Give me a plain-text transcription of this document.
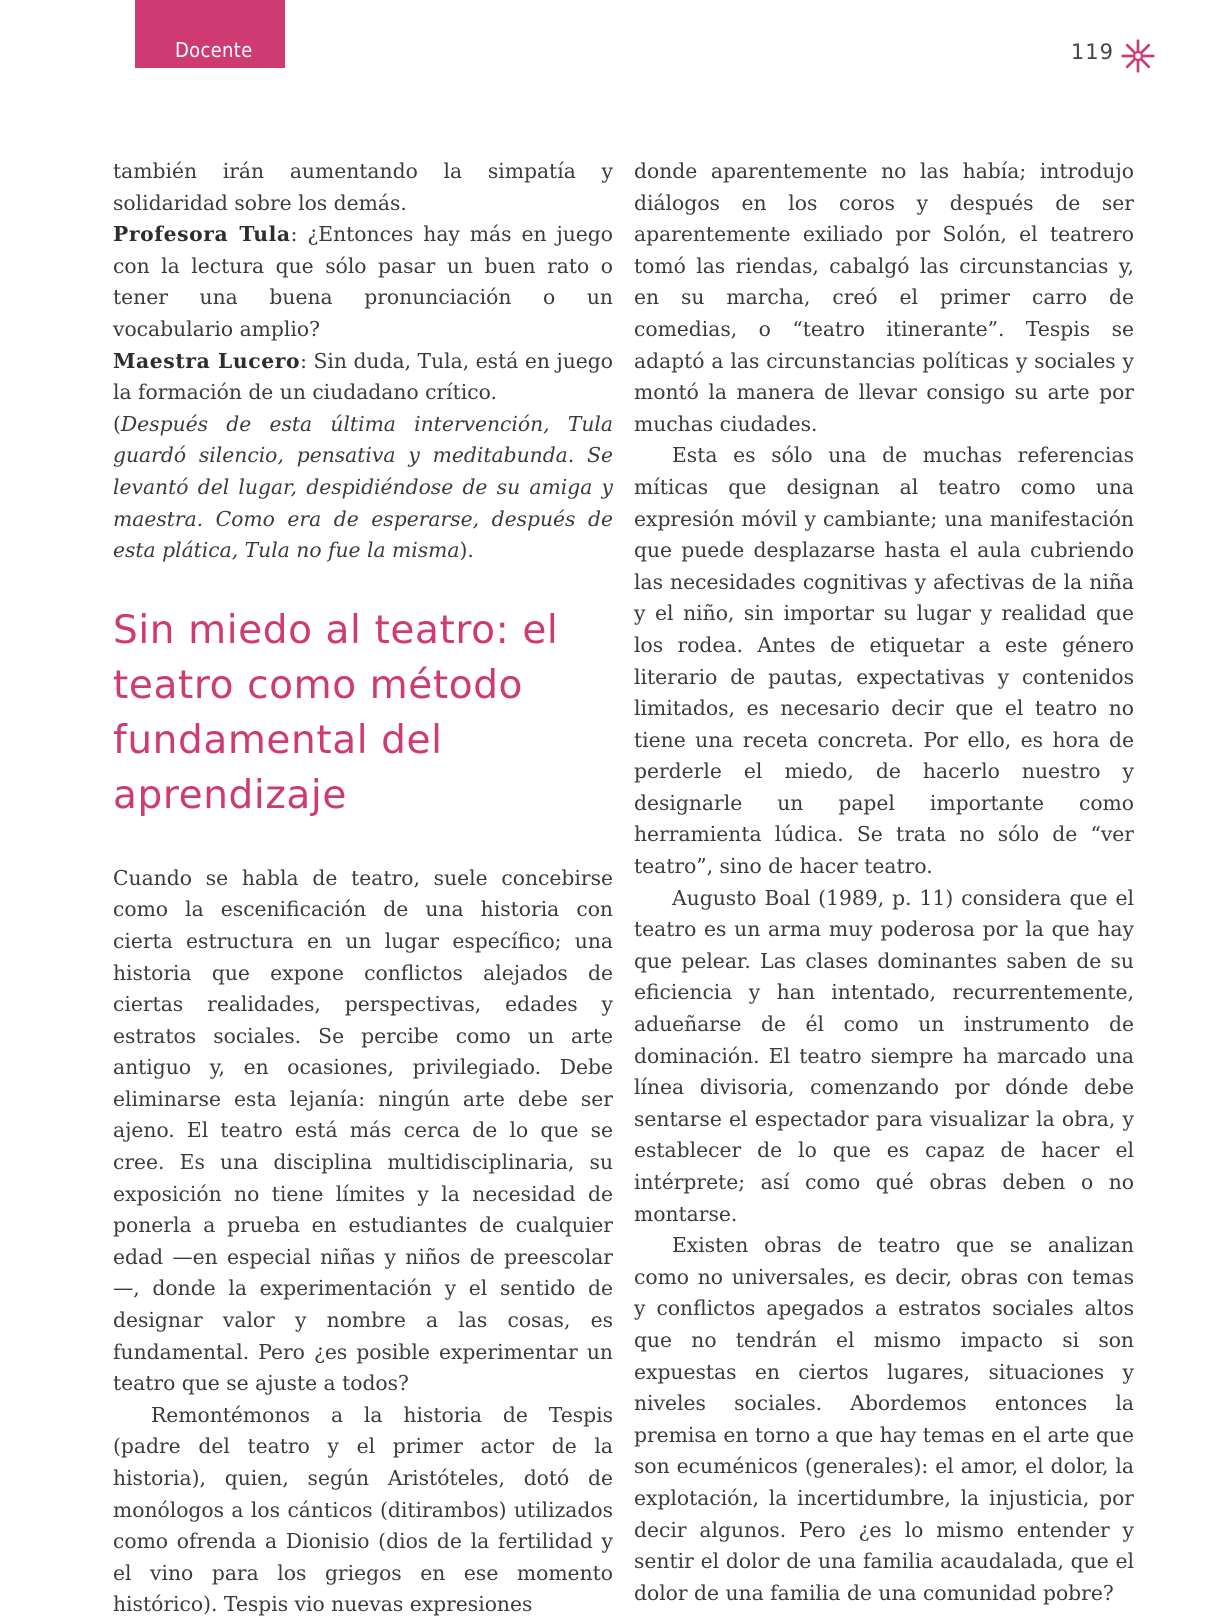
Docente	119

también irán aumentando la simpatía y solidaridad sobre los demás.

Profesora Tula: ¿Entonces hay más en juego con la lectura que sólo pasar un buen rato o tener una buena pronunciación o un vocabulario amplio?

Maestra Lucero: Sin duda, Tula, está en juego la formación de un ciudadano crítico.

(Después de esta última intervención, Tula guardó silencio, pensativa y meditabunda. Se levantó del lugar, despidiéndose de su amiga y maestra. Como era de esperarse, después de esta plática, Tula no fue la misma).

Sin miedo al teatro: el teatro como método fundamental del aprendizaje

Cuando se habla de teatro, suele concebirse como la escenificación de una historia con cierta estructura en un lugar específico; una historia que expone conflictos alejados de ciertas realidades, perspectivas, edades y estratos sociales. Se percibe como un arte antiguo y, en ocasiones, privilegiado. Debe eliminarse esta lejanía: ningún arte debe ser ajeno. El teatro está más cerca de lo que se cree. Es una disciplina multidisciplinaria, su exposición no tiene límites y la necesidad de ponerla a prueba en estudiantes de cualquier edad —en especial niñas y niños de preescolar—, donde la experimentación y el sentido de designar valor y nombre a las cosas, es fundamental. Pero ¿es posible experimentar un teatro que se ajuste a todos?

Remontémonos a la historia de Tespis (padre del teatro y el primer actor de la historia), quien, según Aristóteles, dotó de monólogos a los cánticos (ditirambos) utilizados como ofrenda a Dionisio (dios de la fertilidad y el vino para los griegos en ese momento histórico). Tespis vio nuevas expresiones

donde aparentemente no las había; introdujo diálogos en los coros y después de ser aparentemente exiliado por Solón, el teatrero tomó las riendas, cabalgó las circunstancias y, en su marcha, creó el primer carro de comedias, o “teatro itinerante”. Tespis se adaptó a las circunstancias políticas y sociales y montó la manera de llevar consigo su arte por muchas ciudades.

Esta es sólo una de muchas referencias míticas que designan al teatro como una expresión móvil y cambiante; una manifestación que puede desplazarse hasta el aula cubriendo las necesidades cognitivas y afectivas de la niña y el niño, sin importar su lugar y realidad que los rodea. Antes de etiquetar a este género literario de pautas, expectativas y contenidos limitados, es necesario decir que el teatro no tiene una receta concreta. Por ello, es hora de perderle el miedo, de hacerlo nuestro y designarle un papel importante como herramienta lúdica. Se trata no sólo de “ver teatro”, sino de hacer teatro.

Augusto Boal (1989, p. 11) considera que el teatro es un arma muy poderosa por la que hay que pelear. Las clases dominantes saben de su eficiencia y han intentado, recurrentemente, adueñarse de él como un instrumento de dominación. El teatro siempre ha marcado una línea divisoria, comenzando por dónde debe sentarse el espectador para visualizar la obra, y establecer de lo que es capaz de hacer el intérprete; así como qué obras deben o no montarse.

Existen obras de teatro que se analizan como no universales, es decir, obras con temas y conflictos apegados a estratos sociales altos que no tendrán el mismo impacto si son expuestas en ciertos lugares, situaciones y niveles sociales. Abordemos entonces la premisa en torno a que hay temas en el arte que son ecuménicos (generales): el amor, el dolor, la explotación, la incertidumbre, la injusticia, por decir algunos. Pero ¿es lo mismo entender y sentir el dolor de una familia acaudalada, que el dolor de una familia de una comunidad pobre?
